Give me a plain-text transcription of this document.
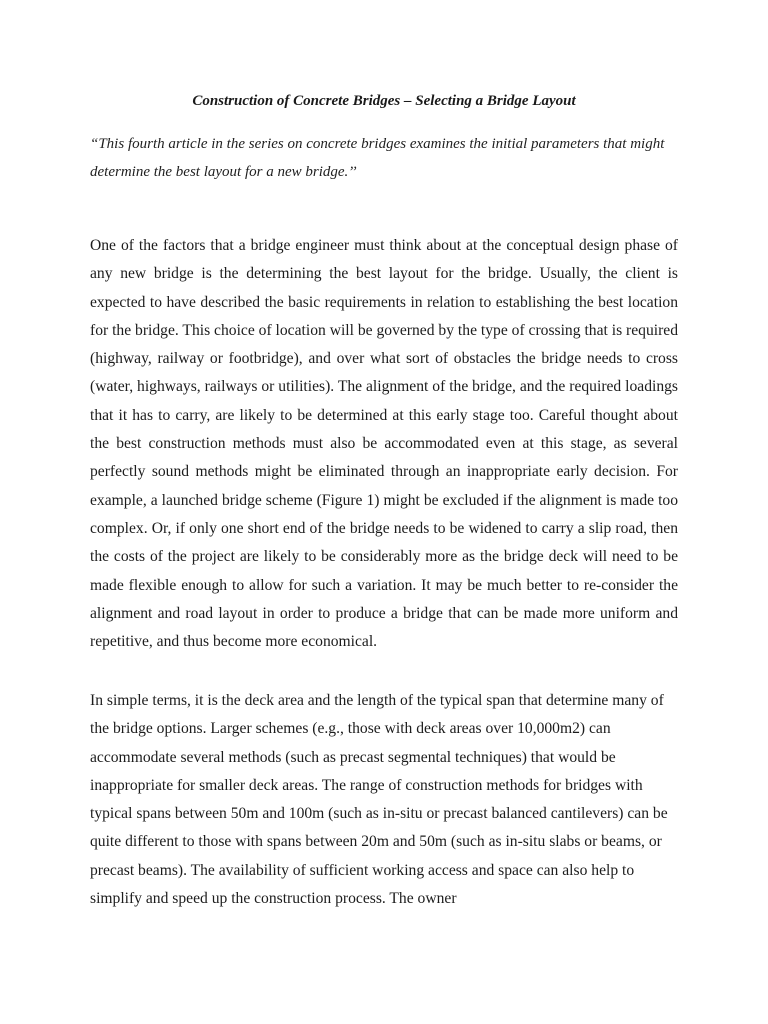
Construction of Concrete Bridges – Selecting a Bridge Layout

“This fourth article in the series on concrete bridges examines the initial parameters that might determine the best layout for a new bridge.’’

One of the factors that a bridge engineer must think about at the conceptual design phase of any new bridge is the determining the best layout for the bridge. Usually, the client is expected to have described the basic requirements in relation to establishing the best location for the bridge. This choice of location will be governed by the type of crossing that is required (highway, railway or footbridge), and over what sort of obstacles the bridge needs to cross (water, highways, railways or utilities). The alignment of the bridge, and the required loadings that it has to carry, are likely to be determined at this early stage too. Careful thought about the best construction methods must also be accommodated even at this stage, as several perfectly sound methods might be eliminated through an inappropriate early decision. For example, a launched bridge scheme (Figure 1) might be excluded if the alignment is made too complex. Or, if only one short end of the bridge needs to be widened to carry a slip road, then the costs of the project are likely to be considerably more as the bridge deck will need to be made flexible enough to allow for such a variation. It may be much better to re-consider the alignment and road layout in order to produce a bridge that can be made more uniform and repetitive, and thus become more economical.

In simple terms, it is the deck area and the length of the typical span that determine many of the bridge options. Larger schemes (e.g., those with deck areas over 10,000m2) can accommodate several methods (such as precast segmental techniques) that would be inappropriate for smaller deck areas. The range of construction methods for bridges with typical spans between 50m and 100m (such as in-situ or precast balanced cantilevers) can be quite different to those with spans between 20m and 50m (such as in-situ slabs or beams, or precast beams). The availability of sufficient working access and space can also help to simplify and speed up the construction process. The owner
